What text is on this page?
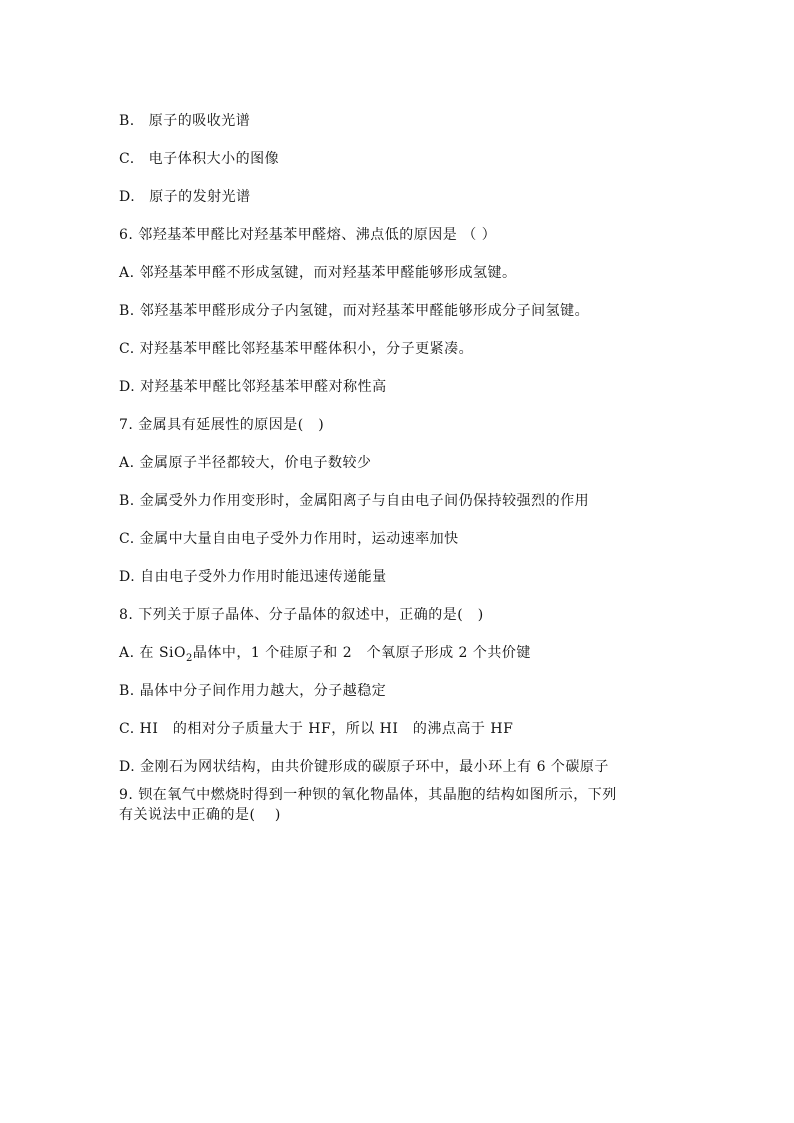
B. 原子的吸收光谱
C. 电子体积大小的图像
D. 原子的发射光谱
6. 邻羟基苯甲醛比对羟基苯甲醛熔、沸点低的原因是 （ ）
A. 邻羟基苯甲醛不形成氢键，而对羟基苯甲醛能够形成氢键。
B. 邻羟基苯甲醛形成分子内氢键，而对羟基苯甲醛能够形成分子间氢键。
C. 对羟基苯甲醛比邻羟基苯甲醛体积小，分子更紧凑。
D. 对羟基苯甲醛比邻羟基苯甲醛对称性高
7. 金属具有延展性的原因是(　)
A. 金属原子半径都较大，价电子数较少
B. 金属受外力作用变形时，金属阳离子与自由电子间仍保持较强烈的作用
C. 金属中大量自由电子受外力作用时，运动速率加快
D. 自由电子受外力作用时能迅速传递能量
8. 下列关于原子晶体、分子晶体的叙述中，正确的是(　)
A. 在 SiO$_2$晶体中，1 个硅原子和 2　个氧原子形成 2 个共价键
B. 晶体中分子间作用力越大，分子越稳定
C. HI　的相对分子质量大于 HF，所以 HI　的沸点高于 HF
D. 金刚石为网状结构，由共价键形成的碳原子环中，最小环上有 6 个碳原子
9. 钡在氧气中燃烧时得到一种钡的氧化物晶体，其晶胞的结构如图所示，下列
有关说法中正确的是(　 )
